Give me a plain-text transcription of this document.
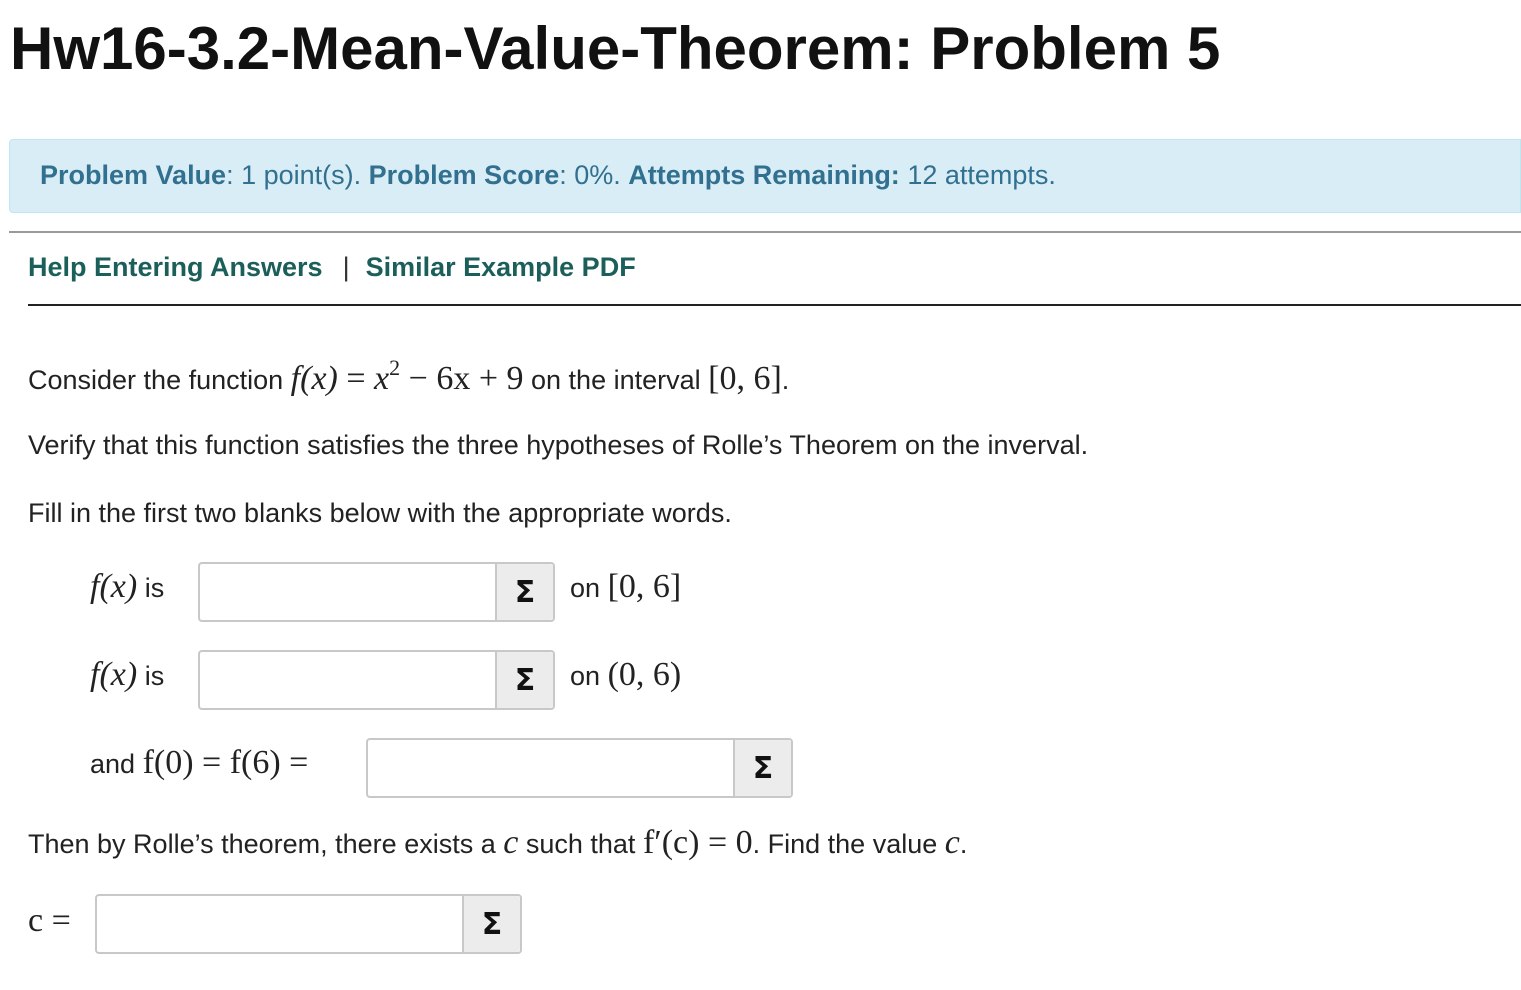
Hw16-3.2-Mean-Value-Theorem: Problem 5
Problem Value: 1 point(s). Problem Score: 0%. Attempts Remaining: 12 attempts.
Help Entering Answers | Similar Example PDF
Consider the function $f(x) = x^2 - 6x + 9$ on the interval [0, 6].
Verify that this function satisfies the three hypotheses of Rolle’s Theorem on the inverval.
Fill in the first two blanks below with the appropriate words.
f(x) is	Σ	on [0, 6]
f(x) is	Σ	on (0, 6)
and f(0) = f(6) =	Σ
Then by Rolle’s theorem, there exists a c such that f′(c) = 0. Find the value c.
c =	Σ
